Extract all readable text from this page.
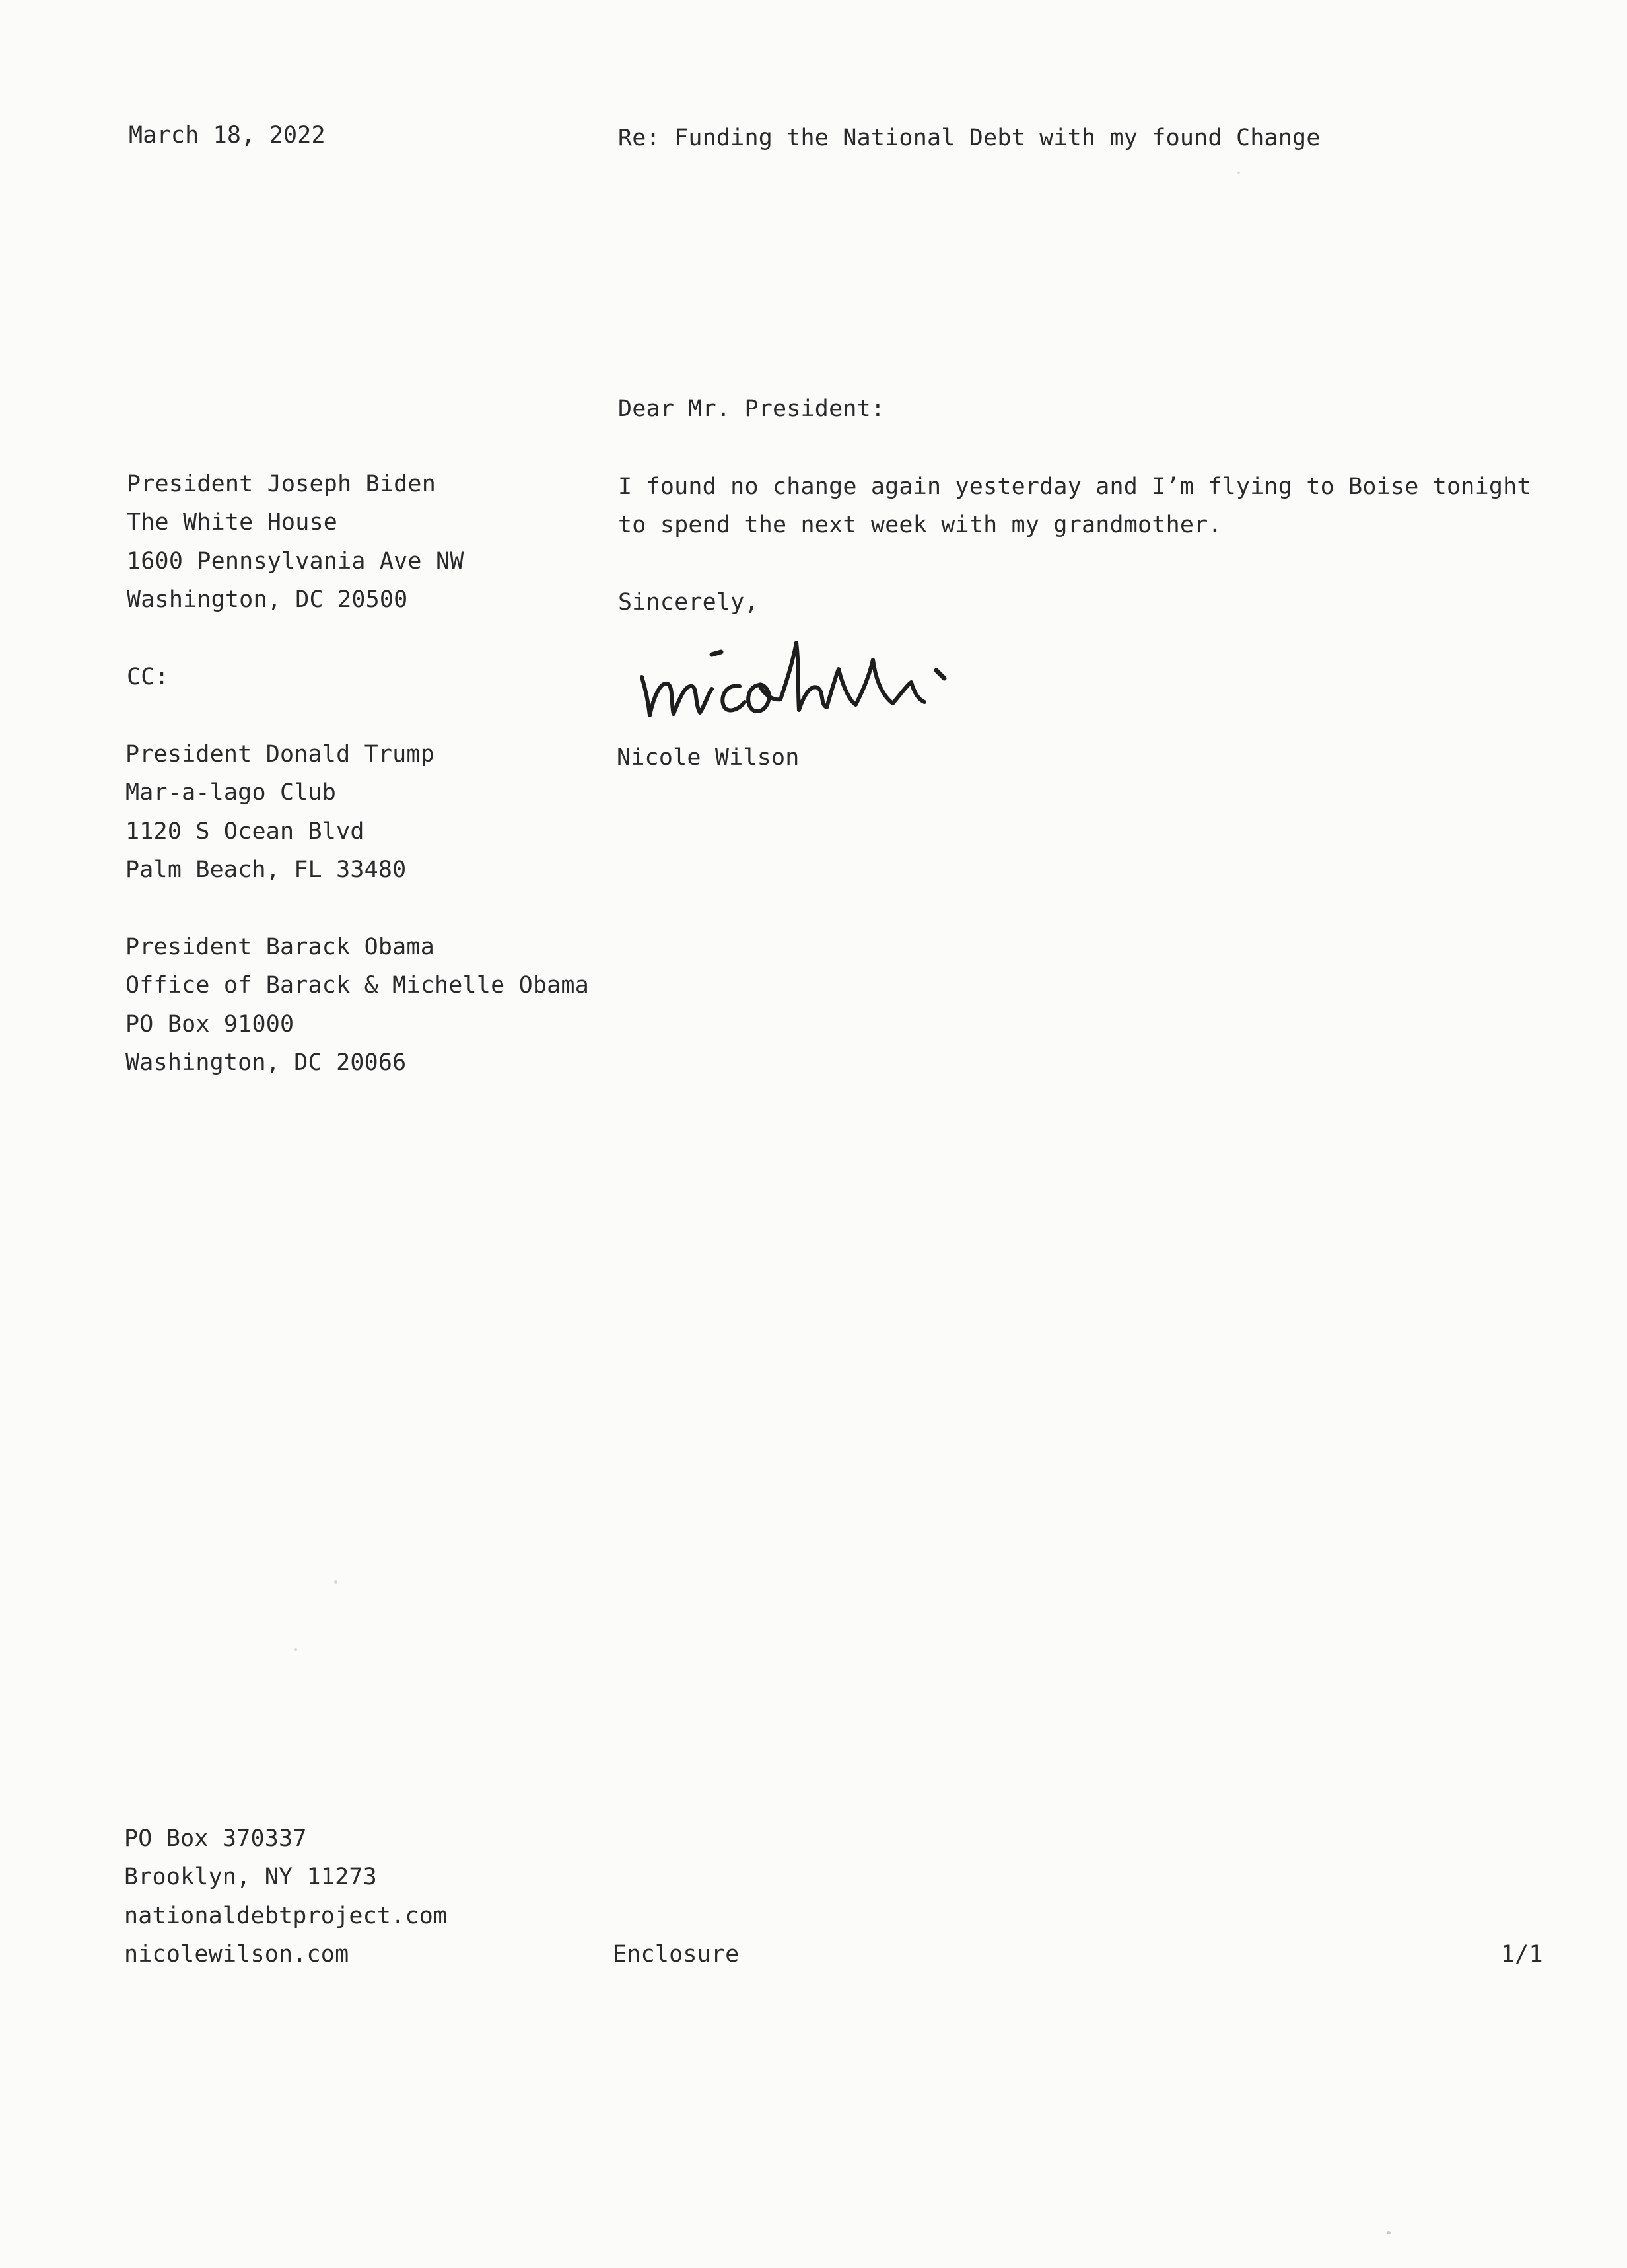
March 18, 2022	Re: Funding the National Debt with my found Change
Dear Mr. President:
President Joseph Biden
The White House
1600 Pennsylvania Ave NW
Washington, DC 20500
I found no change again yesterday and I’m flying to Boise tonight
to spend the next week with my grandmother.
Sincerely,
CC:
Nicole Wilson
President Donald Trump
Mar-a-lago Club
1120 S Ocean Blvd
Palm Beach, FL 33480
President Barack Obama
Office of Barack & Michelle Obama
PO Box 91000
Washington, DC 20066
PO Box 370337
Brooklyn, NY 11273
nationaldebtproject.com
nicolewilson.com	Enclosure	1/1
